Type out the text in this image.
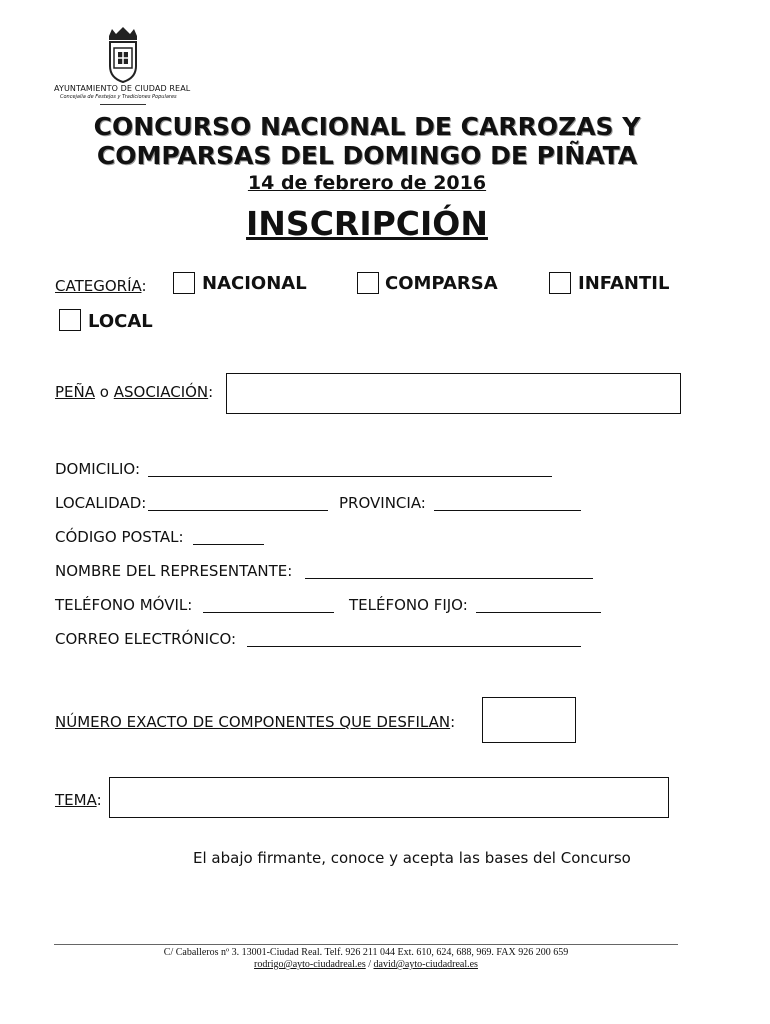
AYUNTAMIENTO DE CIUDAD REAL
Concejalía de Festejos y Tradiciones Populares
CONCURSO NACIONAL DE CARROZAS Y
COMPARSAS DEL DOMINGO DE PIÑATA
14 de febrero de 2016
INSCRIPCIÓN
CATEGORÍA:	NACIONAL	COMPARSA	INFANTIL
LOCAL
PEÑA o ASOCIACIÓN:
DOMICILIO:
LOCALIDAD:	PROVINCIA:
CÓDIGO POSTAL:
NOMBRE DEL REPRESENTANTE:
TELÉFONO MÓVIL:	TELÉFONO FIJO:
CORREO ELECTRÓNICO:
NÚMERO EXACTO DE COMPONENTES QUE DESFILAN:
TEMA:
El abajo firmante, conoce y acepta las bases del Concurso
C/ Caballeros nº 3. 13001-Ciudad Real. Telf. 926 211 044 Ext. 610, 624, 688, 969. FAX 926 200 659
rodrigo@ayto-ciudadreal.es / david@ayto-ciudadreal.es
